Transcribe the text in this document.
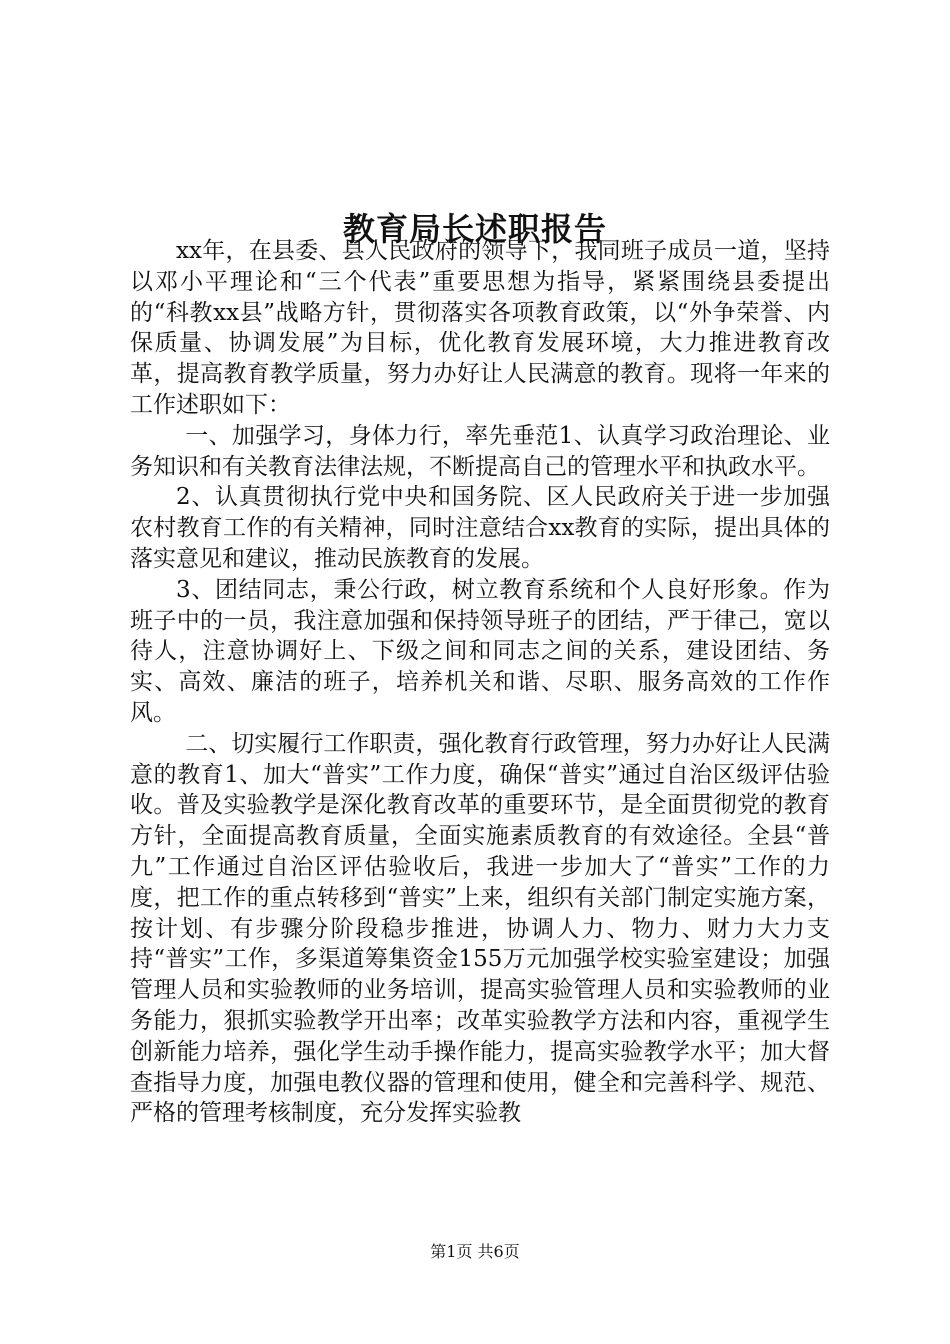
教育局长述职报告

xx年，在县委、县人民政府的领导下，我同班子成员一道，坚持以邓小平理论和“三个代表”重要思想为指导，紧紧围绕县委提出的“科教xx县”战略方针，贯彻落实各项教育政策，以“外争荣誉、内保质量、协调发展”为目标，优化教育发展环境，大力推进教育改革，提高教育教学质量，努力办好让人民满意的教育。现将一年来的工作述职如下：

一、加强学习，身体力行，率先垂范1、认真学习政治理论、业务知识和有关教育法律法规，不断提高自己的管理水平和执政水平。

2、认真贯彻执行党中央和国务院、区人民政府关于进一步加强农村教育工作的有关精神，同时注意结合xx教育的实际，提出具体的落实意见和建议，推动民族教育的发展。

3、团结同志，秉公行政，树立教育系统和个人良好形象。作为班子中的一员，我注意加强和保持领导班子的团结，严于律己，宽以待人，注意协调好上、下级之间和同志之间的关系，建设团结、务实、高效、廉洁的班子，培养机关和谐、尽职、服务高效的工作作风。

二、切实履行工作职责，强化教育行政管理，努力办好让人民满意的教育1、加大“普实”工作力度，确保“普实”通过自治区级评估验收。普及实验教学是深化教育改革的重要环节，是全面贯彻党的教育方针，全面提高教育质量，全面实施素质教育的有效途径。全县“普九”工作通过自治区评估验收后，我进一步加大了“普实”工作的力度，把工作的重点转移到“普实”上来，组织有关部门制定实施方案，按计划、有步骤分阶段稳步推进，协调人力、物力、财力大力支持“普实”工作，多渠道筹集资金155万元加强学校实验室建设；加强管理人员和实验教师的业务培训，提高实验管理人员和实验教师的业务能力，狠抓实验教学开出率；改革实验教学方法和内容，重视学生创新能力培养，强化学生动手操作能力，提高实验教学水平；加大督查指导力度，加强电教仪器的管理和使用，健全和完善科学、规范、严格的管理考核制度，充分发挥实验教

第1页 共6页
